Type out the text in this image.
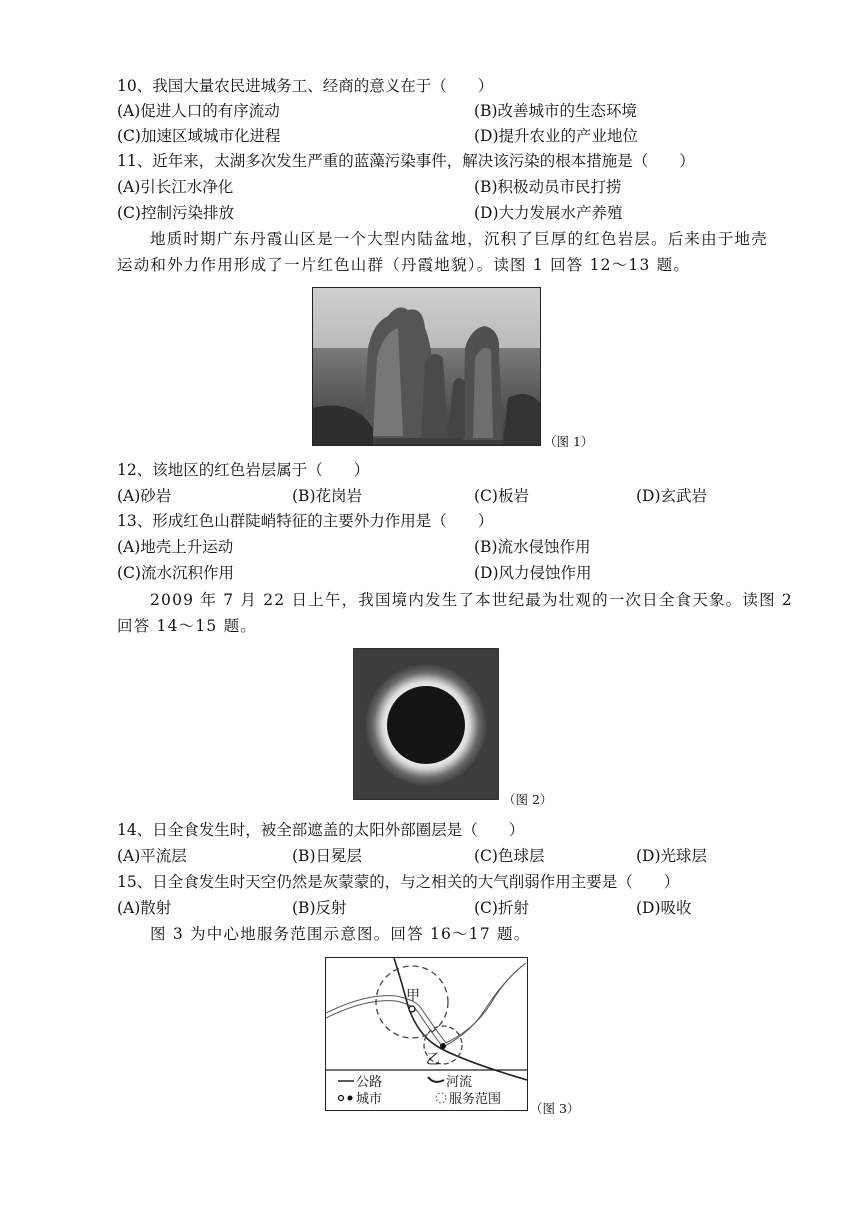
10、我国大量农民进城务工、经商的意义在于（　　）
(A)促进人口的有序流动	(B)改善城市的生态环境
(C)加速区域城市化进程	(D)提升农业的产业地位
11、近年来，太湖多次发生严重的蓝藻污染事件，解决该污染的根本措施是（　　）
(A)引长江水净化	(B)积极动员市民打捞
(C)控制污染排放	(D)大力发展水产养殖
地质时期广东丹霞山区是一个大型内陆盆地，沉积了巨厚的红色岩层。后来由于地壳
运动和外力作用形成了一片红色山群（丹霞地貌）。读图 1 回答 12～13 题。
（图 1）
12、该地区的红色岩层属于（　　）
(A)砂岩	(B)花岗岩	(C)板岩	(D)玄武岩
13、形成红色山群陡峭特征的主要外力作用是（　　）
(A)地壳上升运动	(B)流水侵蚀作用
(C)流水沉积作用	(D)风力侵蚀作用
2009 年 7 月 22 日上午，我国境内发生了本世纪最为壮观的一次日全食天象。读图 2
回答 14～15 题。
（图 2）
14、日全食发生时，被全部遮盖的太阳外部圈层是（　　）
(A)平流层	(B)日冕层	(C)色球层	(D)光球层
15、日全食发生时天空仍然是灰蒙蒙的，与之相关的大气削弱作用主要是（　　）
(A)散射	(B)反射	(C)折射	(D)吸收
图 3 为中心地服务范围示意图。回答 16～17 题。
甲
乙
公路	河流
城市	服务范围
（图 3）
